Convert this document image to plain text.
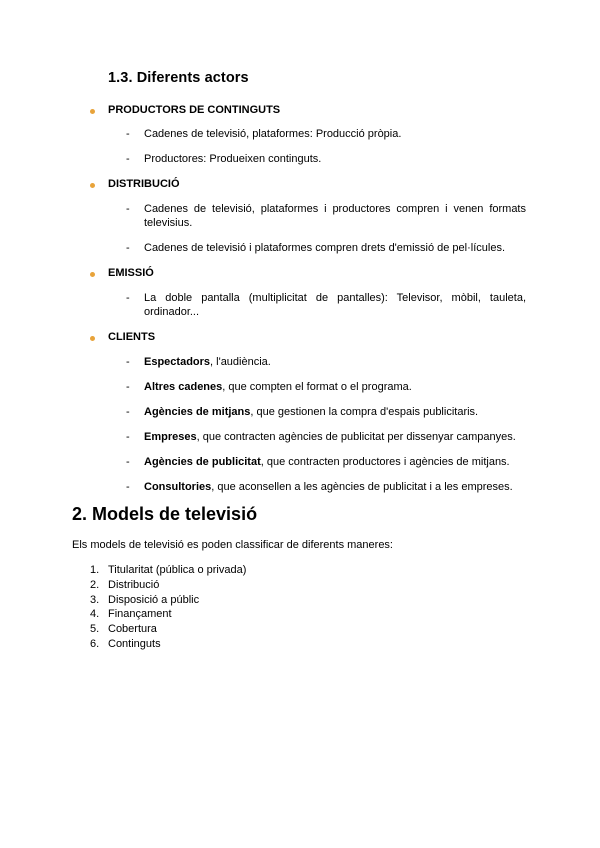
1.3. Diferents actors
PRODUCTORS DE CONTINGUTS
- Cadenes de televisió, plataformes: Producció pròpia.
- Productores: Produeixen continguts.
DISTRIBUCIÓ
- Cadenes de televisió, plataformes i productores compren i venen formats televisius.
- Cadenes de televisió i plataformes compren drets d'emissió de pel·lícules.
EMISSIÓ
- La doble pantalla (multiplicitat de pantalles): Televisor, mòbil, tauleta, ordinador...
CLIENTS
- Espectadors, l'audiència.
- Altres cadenes, que compten el format o el programa.
- Agències de mitjans, que gestionen la compra d'espais publicitaris.
- Empreses, que contracten agències de publicitat per dissenyar campanyes.
- Agències de publicitat, que contracten productores i agències de mitjans.
- Consultories, que aconsellen a les agències de publicitat i a les empreses.
2. Models de televisió
Els models de televisió es poden classificar de diferents maneres:
1. Titularitat (pública o privada)
2. Distribució
3. Disposició a públic
4. Finançament
5. Cobertura
6. Continguts
